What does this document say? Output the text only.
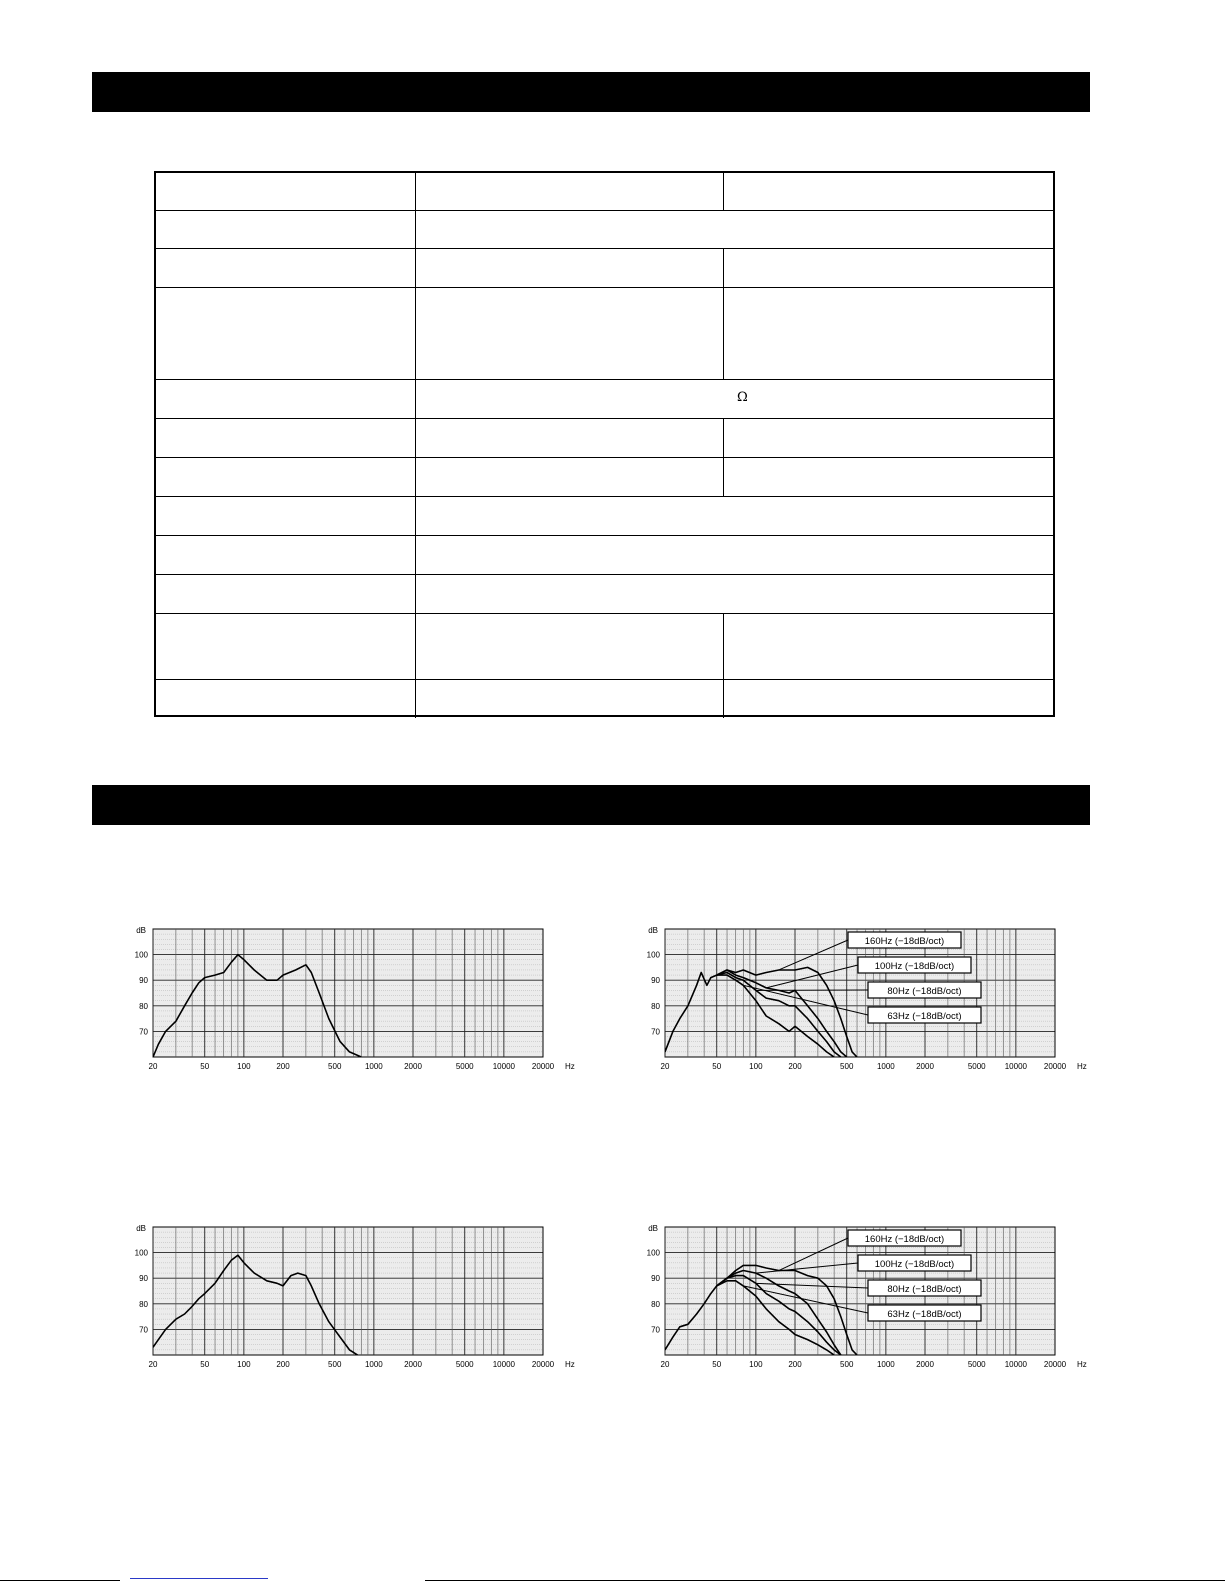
Ω
dB
70
80
90
100
20	50	100	200	500	1000	2000	5000 10000 20000 Hz
dB
70
80
90
100
20	50	100	200	500	1000	2000	5000 10000 20000 Hz
160Hz (−18dB/oct)
100Hz (−18dB/oct)
80Hz (−18dB/oct)
63Hz (−18dB/oct)
dB
70
80
90
100
20	50	100	200	500	1000	2000	5000 10000 20000 Hz
dB
70
80
90
100
20	50	100	200	500	1000	2000	5000 10000 20000 Hz
160Hz (−18dB/oct)
100Hz (−18dB/oct)
80Hz (−18dB/oct)
63Hz (−18dB/oct)
